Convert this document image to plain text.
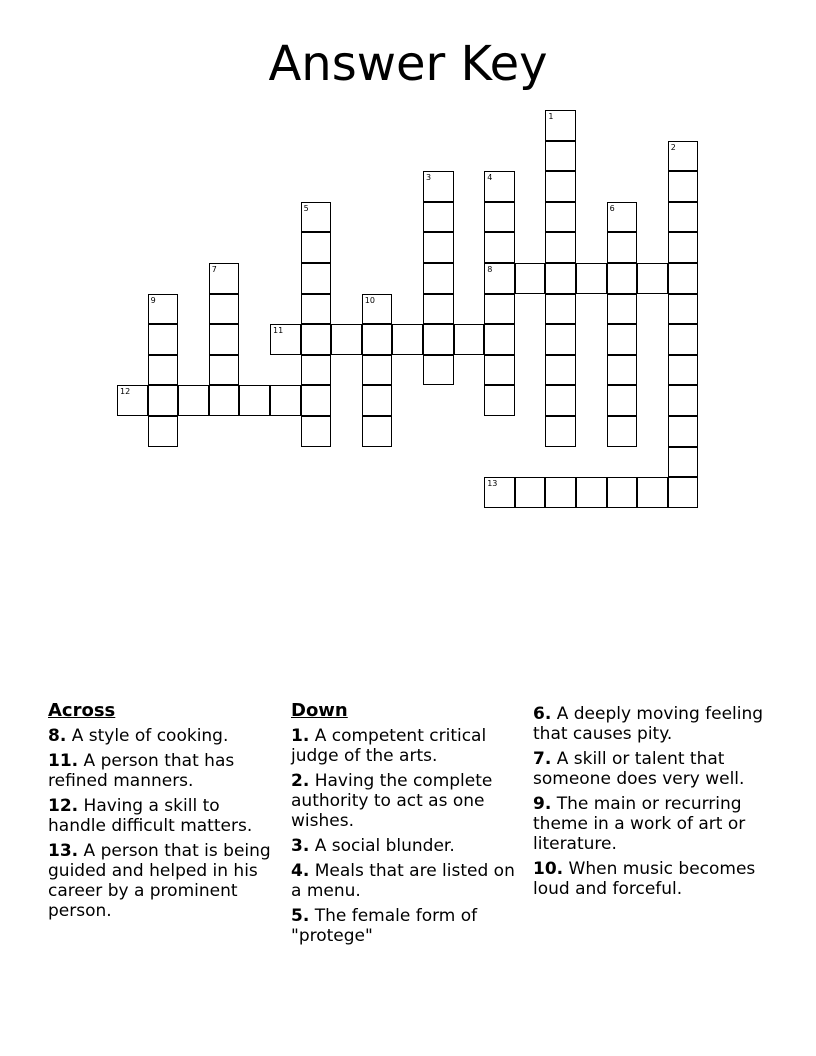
Answer Key
1
2
3	4
8
5	6
7
9	10
11
12
13
Across
8. A style of cooking.
11. A person that has refined manners.
12. Having a skill to handle difficult matters.
13. A person that is being guided and helped in his career by a prominent person.
Down
1. A competent critical judge of the arts.
2. Having the complete authority to act as one wishes.
3. A social blunder.
4. Meals that are listed on a menu.
5. The female form of "protege"
6. A deeply moving feeling that causes pity.
7. A skill or talent that someone does very well.
9. The main or recurring theme in a work of art or literature.
10. When music becomes loud and forceful.
